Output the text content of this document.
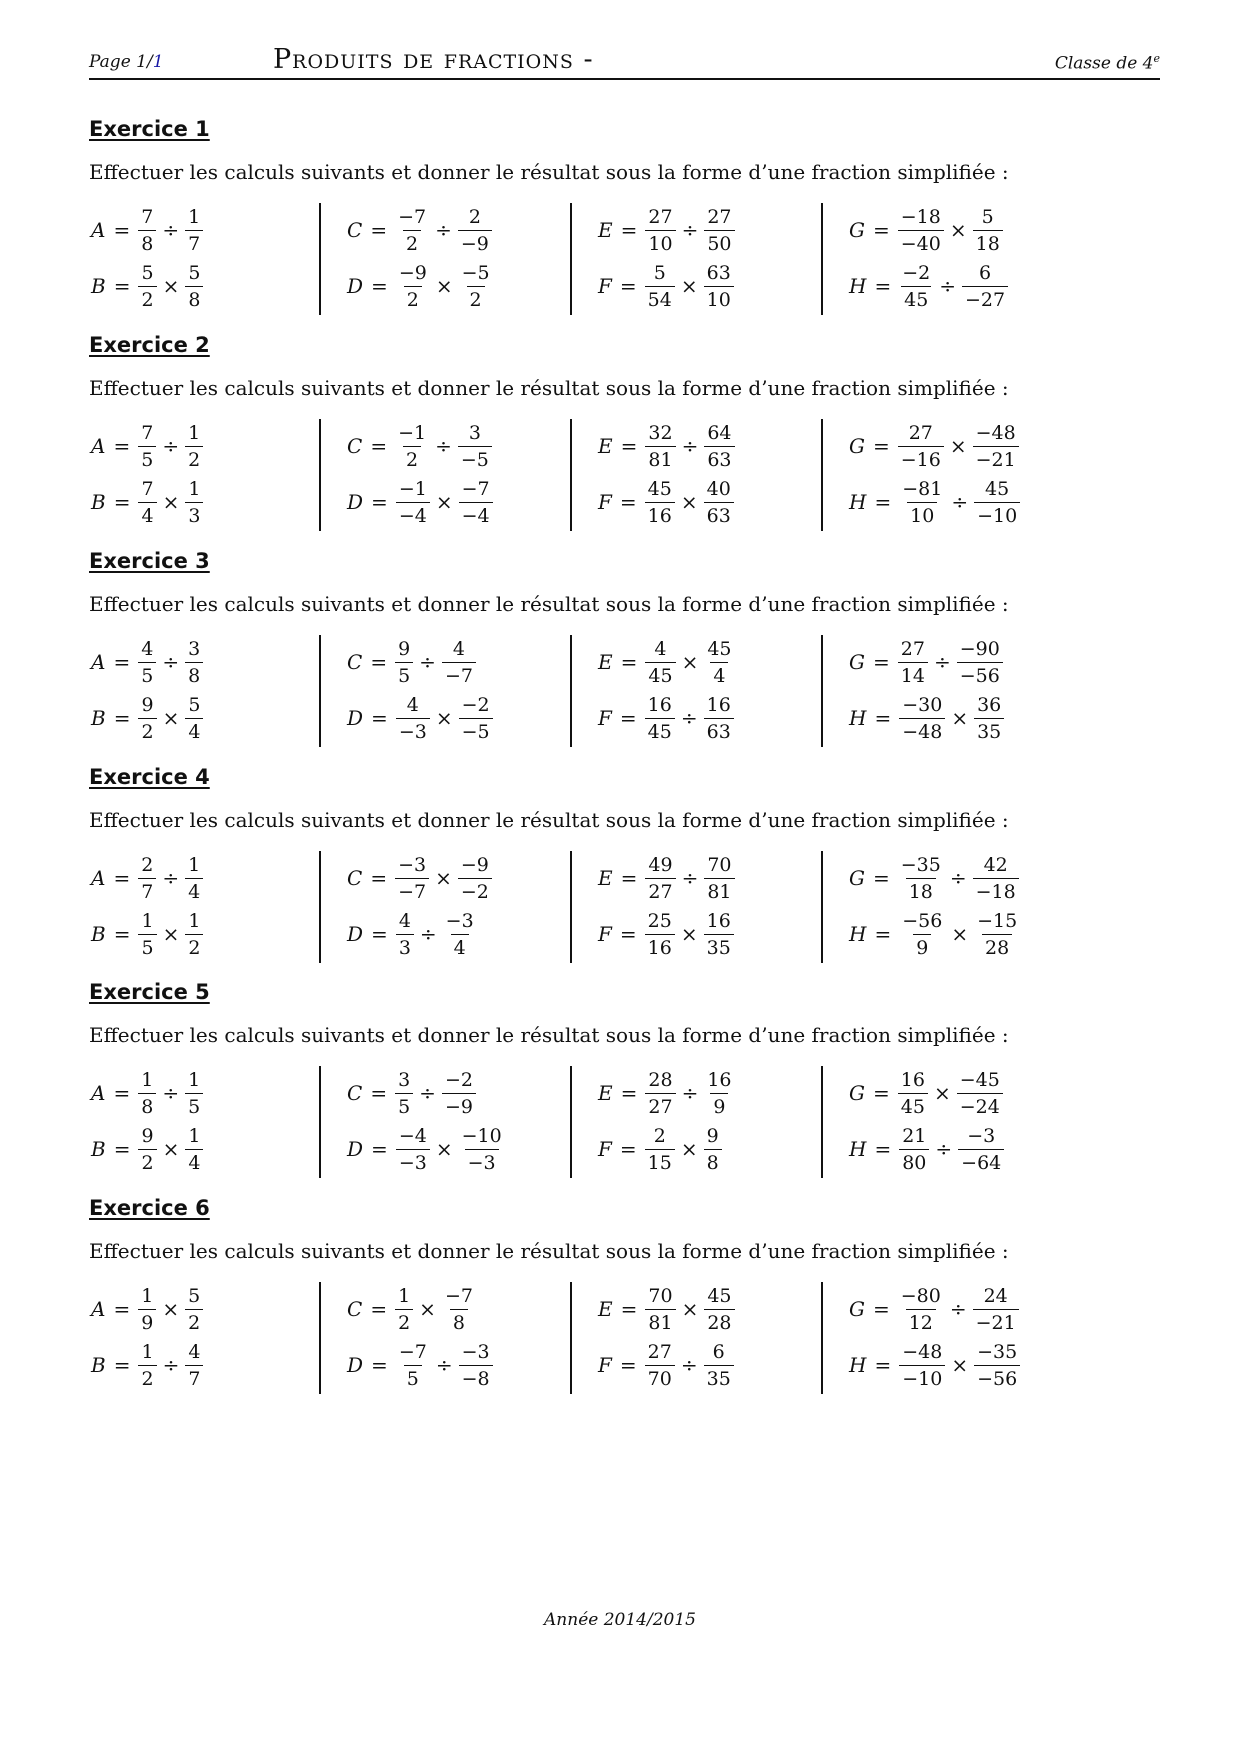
Page 1/1	Produits de fractions -	Classe de 4e
Exercice 1
Effectuer les calculs suivants et donner le résultat sous la forme d’une fraction simplifiée :
$A = \frac{7}{8} \div \frac{1}{7}$
$B = \frac{5}{2} \times \frac{5}{8}$
$C = \frac{-7}{2} \div \frac{2}{-9}$
$D = \frac{-9}{2} \times \frac{-5}{2}$
$E = \frac{27}{10} \div \frac{27}{50}$
$F = \frac{5}{54} \times \frac{63}{10}$
$G = \frac{-18}{-40} \times \frac{5}{18}$
$H = \frac{-2}{45} \div \frac{6}{-27}$
Exercice 2
Effectuer les calculs suivants et donner le résultat sous la forme d’une fraction simplifiée :
$A = \frac{7}{5} \div \frac{1}{2}$
$B = \frac{7}{4} \times \frac{1}{3}$
$C = \frac{-1}{2} \div \frac{3}{-5}$
$D = \frac{-1}{-4} \times \frac{-7}{-4}$
$E = \frac{32}{81} \div \frac{64}{63}$
$F = \frac{45}{16} \times \frac{40}{63}$
$G = \frac{27}{-16} \times \frac{-48}{-21}$
$H = \frac{-81}{10} \div \frac{45}{-10}$
Exercice 3
Effectuer les calculs suivants et donner le résultat sous la forme d’une fraction simplifiée :
$A = \frac{4}{5} \div \frac{3}{8}$
$B = \frac{9}{2} \times \frac{5}{4}$
$C = \frac{9}{5} \div \frac{4}{-7}$
$D = \frac{4}{-3} \times \frac{-2}{-5}$
$E = \frac{4}{45} \times \frac{45}{4}$
$F = \frac{16}{45} \div \frac{16}{63}$
$G = \frac{27}{14} \div \frac{-90}{-56}$
$H = \frac{-30}{-48} \times \frac{36}{35}$
Exercice 4
Effectuer les calculs suivants et donner le résultat sous la forme d’une fraction simplifiée :
$A = \frac{2}{7} \div \frac{1}{4}$
$B = \frac{1}{5} \times \frac{1}{2}$
$C = \frac{-3}{-7} \times \frac{-9}{-2}$
$D = \frac{4}{3} \div \frac{-3}{4}$
$E = \frac{49}{27} \div \frac{70}{81}$
$F = \frac{25}{16} \times \frac{16}{35}$
$G = \frac{-35}{18} \div \frac{42}{-18}$
$H = \frac{-56}{9} \times \frac{-15}{28}$
Exercice 5
Effectuer les calculs suivants et donner le résultat sous la forme d’une fraction simplifiée :
$A = \frac{1}{8} \div \frac{1}{5}$
$B = \frac{9}{2} \times \frac{1}{4}$
$C = \frac{3}{5} \div \frac{-2}{-9}$
$D = \frac{-4}{-3} \times \frac{-10}{-3}$
$E = \frac{28}{27} \div \frac{16}{9}$
$F = \frac{2}{15} \times \frac{9}{8}$
$G = \frac{16}{45} \times \frac{-45}{-24}$
$H = \frac{21}{80} \div \frac{-3}{-64}$
Exercice 6
Effectuer les calculs suivants et donner le résultat sous la forme d’une fraction simplifiée :
$A = \frac{1}{9} \times \frac{5}{2}$
$B = \frac{1}{2} \div \frac{4}{7}$
$C = \frac{1}{2} \times \frac{-7}{8}$
$D = \frac{-7}{5} \div \frac{-3}{-8}$
$E = \frac{70}{81} \times \frac{45}{28}$
$F = \frac{27}{70} \div \frac{6}{35}$
$G = \frac{-80}{12} \div \frac{24}{-21}$
$H = \frac{-48}{-10} \times \frac{-35}{-56}$
Année 2014/2015
